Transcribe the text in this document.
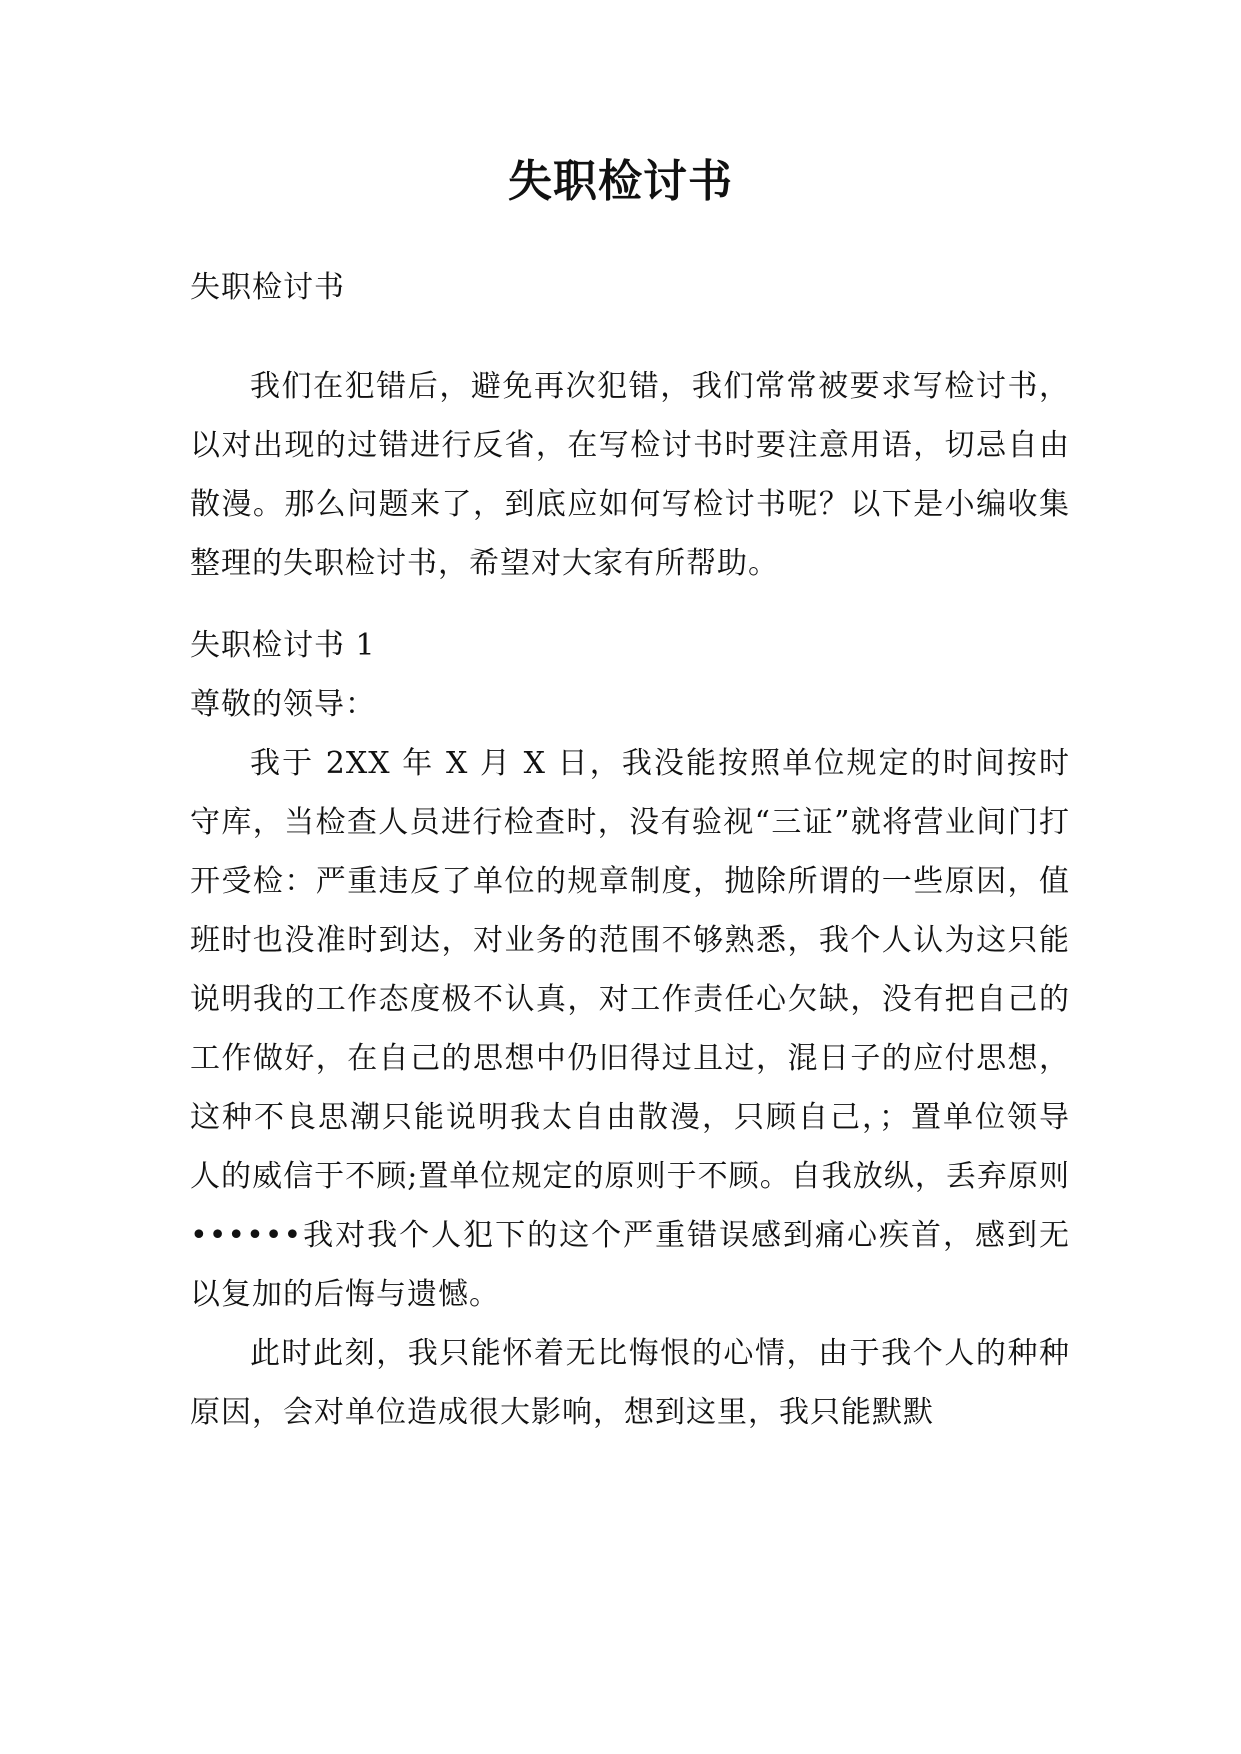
失职检讨书

失职检讨书

我们在犯错后，避免再次犯错，我们常常被要求写检讨书，以对出现的过错进行反省，在写检讨书时要注意用语，切忌自由散漫。那么问题来了，到底应如何写检讨书呢？以下是小编收集整理的失职检讨书，希望对大家有所帮助。

失职检讨书 1

尊敬的领导：

我于 2XX 年 X 月 X 日，我没能按照单位规定的时间按时守库，当检查人员进行检查时，没有验视“三证”就将营业间门打开受检：严重违反了单位的规章制度，抛除所谓的一些原因，值班时也没准时到达，对业务的范围不够熟悉，我个人认为这只能说明我的工作态度极不认真，对工作责任心欠缺，没有把自己的工作做好，在自己的思想中仍旧得过且过，混日子的应付思想，这种不良思潮只能说明我太自由散漫，只顾自己，；置单位领导人的威信于不顾;置单位规定的原则于不顾。自我放纵，丢弃原则••••••我对我个人犯下的这个严重错误感到痛心疾首，感到无以复加的后悔与遗憾。

此时此刻，我只能怀着无比悔恨的心情，由于我个人的种种原因，会对单位造成很大影响，想到这里，我只能默默
